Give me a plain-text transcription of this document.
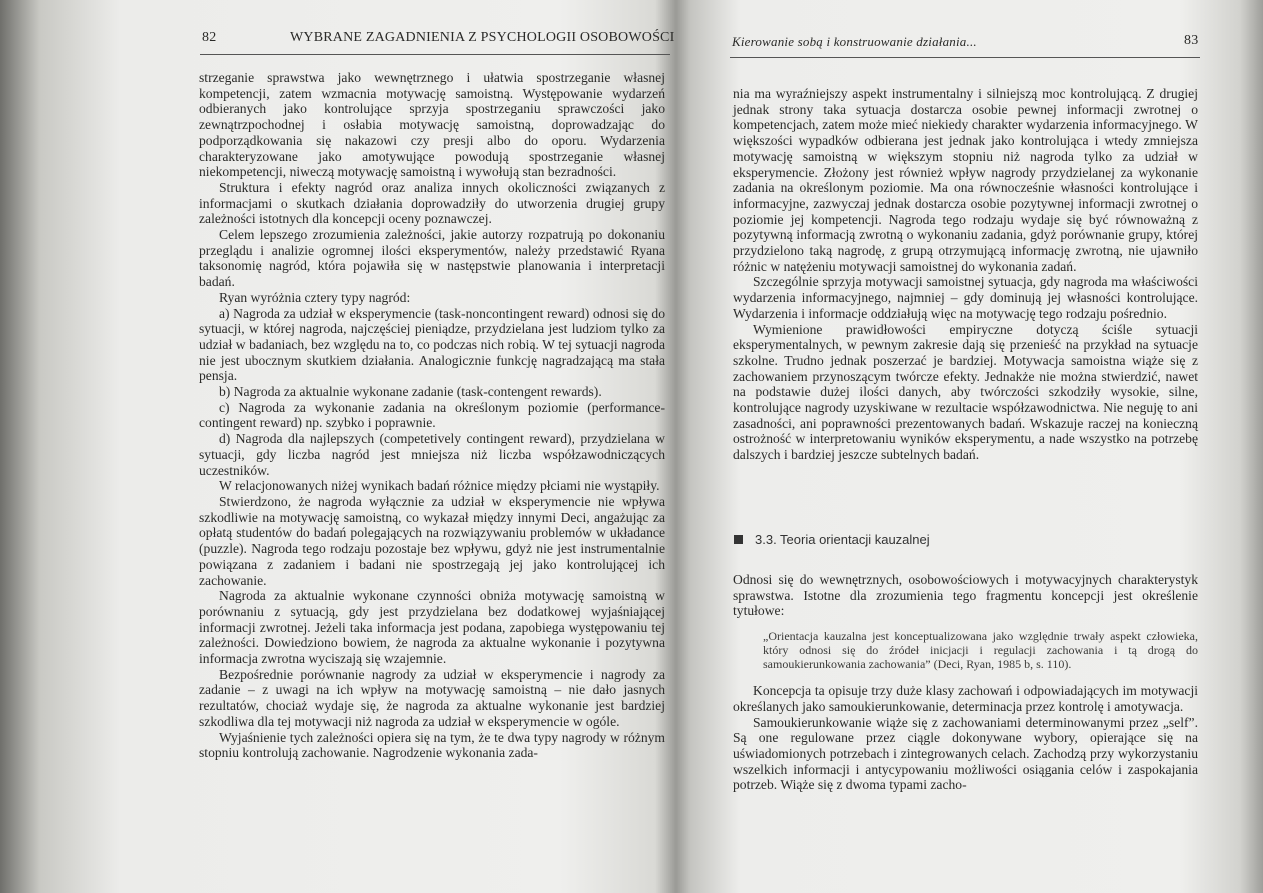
82	WYBRANE ZAGADNIENIA Z PSYCHOLOGII OSOBOWOŚCI

strzeganie sprawstwa jako wewnętrznego i ułatwia spostrzeganie własnej kompetencji, zatem wzmacnia motywację samoistną. Występowanie wydarzeń odbieranych jako kontrolujące sprzyja spostrzeganiu sprawczości jako zewnątrzpochodnej i osłabia motywację samoistną, doprowadzając do podporządkowania się nakazowi czy presji albo do oporu. Wydarzenia charakteryzowane jako amotywujące powodują spostrzeganie własnej niekompetencji, niweczą motywację samoistną i wywołują stan bezradności.

Struktura i efekty nagród oraz analiza innych okoliczności związanych z informacjami o skutkach działania doprowadziły do utworzenia drugiej grupy zależności istotnych dla koncepcji oceny poznawczej.

Celem lepszego zrozumienia zależności, jakie autorzy rozpatrują po dokonaniu przeglądu i analizie ogromnej ilości eksperymentów, należy przedstawić Ryana taksonomię nagród, która pojawiła się w następstwie planowania i interpretacji badań.

Ryan wyróżnia cztery typy nagród:

a) Nagroda za udział w eksperymencie (task-noncontingent reward) odnosi się do sytuacji, w której nagroda, najczęściej pieniądze, przydzielana jest ludziom tylko za udział w badaniach, bez względu na to, co podczas nich robią. W tej sytuacji nagroda nie jest ubocznym skutkiem działania. Analogicznie funkcję nagradzającą ma stała pensja.

b) Nagroda za aktualnie wykonane zadanie (task-contengent rewards).

c) Nagroda za wykonanie zadania na określonym poziomie (performance-contingent reward) np. szybko i poprawnie.

d) Nagroda dla najlepszych (competetively contingent reward), przydzielana w sytuacji, gdy liczba nagród jest mniejsza niż liczba współzawodniczących uczestników.

W relacjonowanych niżej wynikach badań różnice między płciami nie wystąpiły.

Stwierdzono, że nagroda wyłącznie za udział w eksperymencie nie wpływa szkodliwie na motywację samoistną, co wykazał między innymi Deci, angażując za opłatą studentów do badań polegających na rozwiązywaniu problemów w układance (puzzle). Nagroda tego rodzaju pozostaje bez wpływu, gdyż nie jest instrumentalnie powiązana z zadaniem i badani nie spostrzegają jej jako kontrolującej ich zachowanie.

Nagroda za aktualnie wykonane czynności obniża motywację samoistną w porównaniu z sytuacją, gdy jest przydzielana bez dodatkowej wyjaśniającej informacji zwrotnej. Jeżeli taka informacja jest podana, zapobiega występowaniu tej zależności. Dowiedziono bowiem, że nagroda za aktualne wykonanie i pozytywna informacja zwrotna wyciszają się wzajemnie.

Bezpośrednie porównanie nagrody za udział w eksperymencie i nagrody za zadanie – z uwagi na ich wpływ na motywację samoistną – nie dało jasnych rezultatów, chociaż wydaje się, że nagroda za aktualne wykonanie jest bardziej szkodliwa dla tej motywacji niż nagroda za udział w eksperymencie w ogóle.

Wyjaśnienie tych zależności opiera się na tym, że te dwa typy nagrody w różnym stopniu kontrolują zachowanie. Nagrodzenie wykonania zada-

Kierowanie sobą i konstruowanie działania...	83

nia ma wyraźniejszy aspekt instrumentalny i silniejszą moc kontrolującą. Z drugiej jednak strony taka sytuacja dostarcza osobie pewnej informacji zwrotnej o kompetencjach, zatem może mieć niekiedy charakter wydarzenia informacyjnego. W większości wypadków odbierana jest jednak jako kontrolująca i wtedy zmniejsza motywację samoistną w większym stopniu niż nagroda tylko za udział w eksperymencie. Złożony jest również wpływ nagrody przydzielanej za wykonanie zadania na określonym poziomie. Ma ona równocześnie własności kontrolujące i informacyjne, zazwyczaj jednak dostarcza osobie pozytywnej informacji zwrotnej o poziomie jej kompetencji. Nagroda tego rodzaju wydaje się być równoważną z pozytywną informacją zwrotną o wykonaniu zadania, gdyż porównanie grupy, której przydzielono taką nagrodę, z grupą otrzymującą informację zwrotną, nie ujawniło różnic w natężeniu motywacji samoistnej do wykonania zadań.

Szczególnie sprzyja motywacji samoistnej sytuacja, gdy nagroda ma właściwości wydarzenia informacyjnego, najmniej – gdy dominują jej własności kontrolujące. Wydarzenia i informacje oddziałują więc na motywację tego rodzaju pośrednio.

Wymienione prawidłowości empiryczne dotyczą ściśle sytuacji eksperymentalnych, w pewnym zakresie dają się przenieść na przykład na sytuacje szkolne. Trudno jednak poszerzać je bardziej. Motywacja samoistna wiąże się z zachowaniem przynoszącym twórcze efekty. Jednakże nie można stwierdzić, nawet na podstawie dużej ilości danych, aby twórczości szkodziły wysokie, silne, kontrolujące nagrody uzyskiwane w rezultacie współzawodnictwa. Nie neguję to ani zasadności, ani poprawności prezentowanych badań. Wskazuje raczej na konieczną ostrożność w interpretowaniu wyników eksperymentu, a nade wszystko na potrzebę dalszych i bardziej jeszcze subtelnych badań.

3.3. Teoria orientacji kauzalnej

Odnosi się do wewnętrznych, osobowościowych i motywacyjnych charakterystyk sprawstwa. Istotne dla zrozumienia tego fragmentu koncepcji jest określenie tytułowe:

„Orientacja kauzalna jest konceptualizowana jako względnie trwały aspekt człowieka, który odnosi się do źródeł inicjacji i regulacji zachowania i tą drogą do samoukierunkowania zachowania” (Deci, Ryan, 1985 b, s. 110).

Koncepcja ta opisuje trzy duże klasy zachowań i odpowiadających im motywacji określanych jako samoukierunkowanie, determinacja przez kontrolę i amotywacja.

Samoukierunkowanie wiąże się z zachowaniami determinowanymi przez „self”. Są one regulowane przez ciągle dokonywane wybory, opierające się na uświadomionych potrzebach i zintegrowanych celach. Zachodzą przy wykorzystaniu wszelkich informacji i antycypowaniu możliwości osiągania celów i zaspokajania potrzeb. Wiąże się z dwoma typami zacho-
